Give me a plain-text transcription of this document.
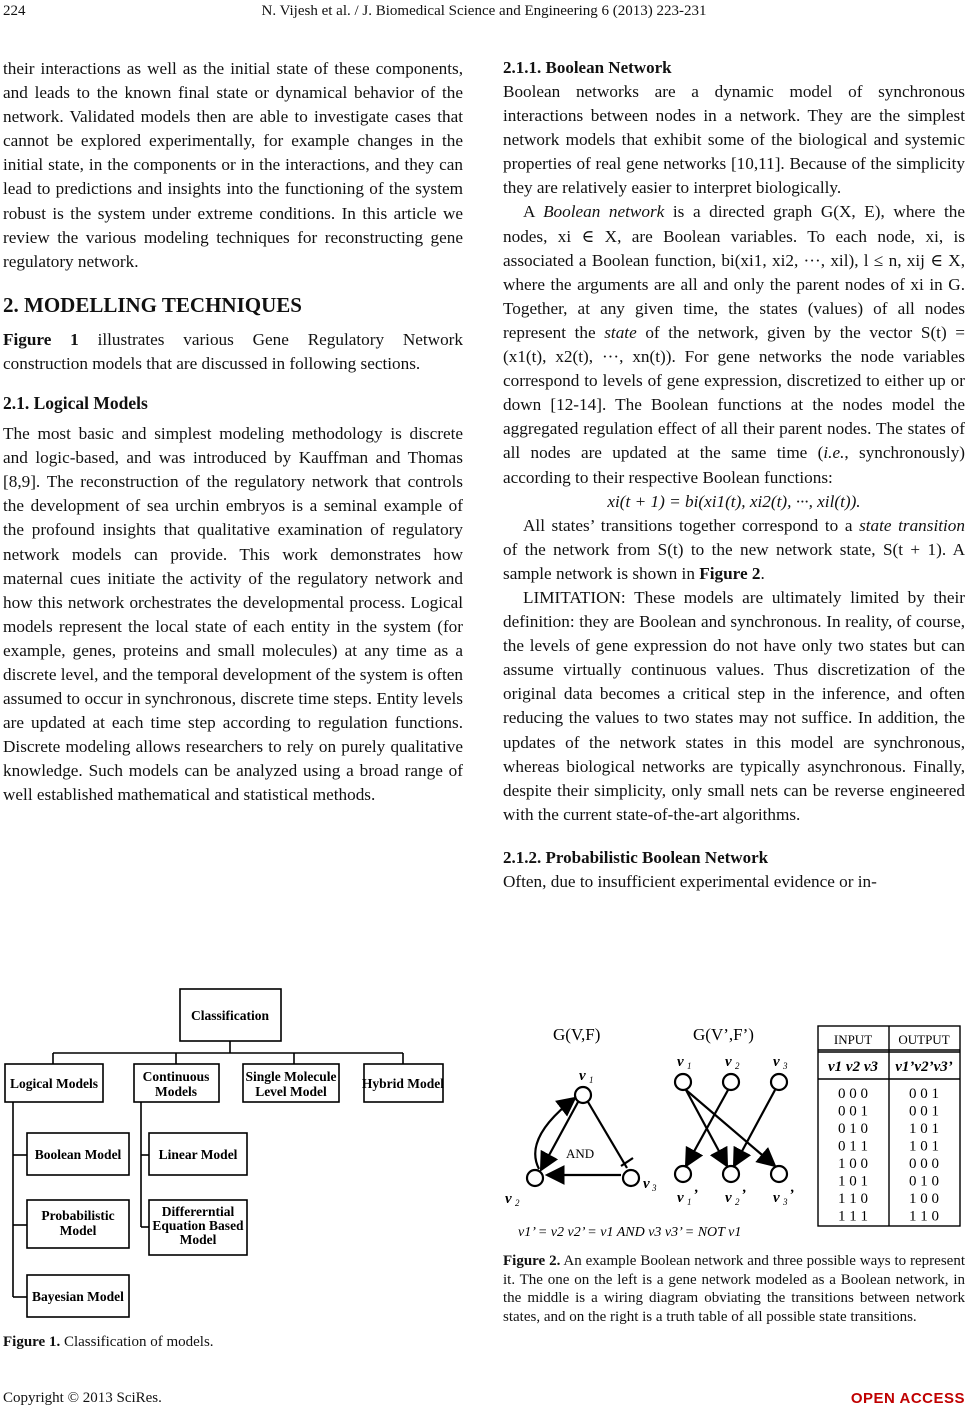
224	N. Vijesh et al. / J. Biomedical Science and Engineering 6 (2013) 223-231

their interactions as well as the initial state of these components, and leads to the known final state or dynamical behavior of the network. Validated models then are able to investigate cases that cannot be explored experimentally, for example changes in the initial state, in the components or in the interactions, and they can lead to predictions and insights into the functioning of the system robust is the system under extreme conditions. In this article we review the various modeling techniques for reconstructing gene regulatory network.

2. MODELLING TECHNIQUES

Figure 1 illustrates various Gene Regulatory Network construction models that are discussed in following sections.

2.1. Logical Models

The most basic and simplest modeling methodology is discrete and logic-based, and was introduced by Kauffman and Thomas [8,9]. The reconstruction of the regulatory network that controls the development of sea urchin embryos is a seminal example of the profound insights that qualitative examination of regulatory network models can provide. This work demonstrates how maternal cues initiate the activity of the regulatory network and how this network orchestrates the developmental process. Logical models represent the local state of each entity in the system (for example, genes, proteins and small molecules) at any time as a discrete level, and the temporal development of the system is often assumed to occur in synchronous, discrete time steps. Entity levels are updated at each time step according to regulation functions. Discrete modeling allows researchers to rely on purely qualitative knowledge. Such models can be analyzed using a broad range of well established mathematical and statistical methods.

Classification
Logical Models	Continuous
Models
Single Molecule
Level Model
Hybrid Model
Boolean Model
Probabilistic
Model
Bayesian Model
Linear Model
Differerntial
Equation Based
Model
Figure 1. Classification of models.
2.1.1. Boolean Network

Boolean networks are a dynamic model of synchronous interactions between nodes in a network. They are the simplest network models that exhibit some of the biological and systemic properties of real gene networks [10,11]. Because of the simplicity they are relatively easier to interpret biologically.

A Boolean network is a directed graph G(X, E), where the nodes, xi ∈ X, are Boolean variables. To each node, xi, is associated a Boolean function, bi(xi1, xi2, ···, xil), l ≤ n, xij ∈ X, where the arguments are all and only the parent nodes of xi in G. Together, at any given time, the states (values) of all nodes represent the state of the network, given by the vector S(t) = (x1(t), x2(t), ···, xn(t)). For gene networks the node variables correspond to levels of gene expression, discretized to either up or down [12-14]. The Boolean functions at the nodes model the aggregated regulation effect of all their parent nodes. The states of all nodes are updated at the same time (i.e., synchronously) according to their respective Boolean functions:

xi(t + 1) = bi(xi1(t), xi2(t), ···, xil(t)).

All states’ transitions together correspond to a state transition of the network from S(t) to the new network state, S(t + 1). A sample network is shown in Figure 2.

LIMITATION: These models are ultimately limited by their definition: they are Boolean and synchronous. In reality, of course, the levels of gene expression do not have only two states but can assume virtually continuous values. Thus discretization of the original data becomes a critical step in the inference, and often reducing the values to two states may not suffice. In addition, the updates of the network states in this model are synchronous, whereas biological networks are typically asynchronous. Finally, despite their simplicity, only small nets can be reverse engineered with the current state-of-the-art algorithms.

2.1.2. Probabilistic Boolean Network

Often, due to insufficient experimental evidence or in-

G(V,F)	G(V’,F’)
v 1
v 2
v 3
AND
v 1 v 2 v 3
v 1 ’ v 2 ’ v 3 ’
v1’ = v2 v2’ = v1 AND v3 v3’ = NOT v1
INPUT OUTPUT
v1 v2 v3 v1’v2’v3’
0 0 0	0 0 1
0 0 1	0 0 1
0 1 0	1 0 1
0 1 1	1 0 1
1 0 0	0 0 0
1 0 1	0 1 0
1 1 0	1 0 0
1 1 1	1 1 0
Figure 2. An example Boolean network and three possible ways to represent it. The one on the left is a gene network modeled as a Boolean network, in the middle is a wiring diagram obviating the transitions between network states, and on the right is a truth table of all possible state transitions.
Copyright © 2013 SciRes.	OPEN ACCESS
